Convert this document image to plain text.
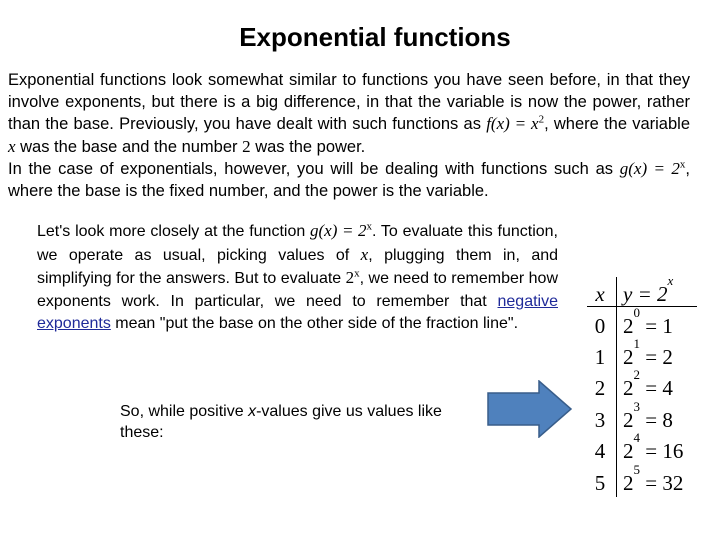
Exponential functions
Exponential functions look somewhat similar to functions you have seen before, in that they involve exponents, but there is a big difference, in that the variable is now the power, rather than the base. Previously, you have dealt with such functions as $f(x) = x^2$, where the variable x was the base and the number 2 was the power.
In the case of exponentials, however, you will be dealing with functions such as $g(x) = 2^x$, where the base is the fixed number, and the power is the variable.
Let's look more closely at the function $g(x) = 2^x$. To evaluate this function, we operate as usual, picking values of x, plugging them in, and simplifying for the answers. But to evaluate 2$^x$, we need to remember how exponents work. In particular, we need to remember that negative exponents mean "put the base on the other side of the fraction line".
So, while positive x-values give us values like these:
x $y = 2^x$
0 $2^0 = 1$
1 $2^1 = 2$
2 $2^2 = 4$
3 $2^3 = 8$
4 $2^4 = 16$
5 $2^5 = 32$
